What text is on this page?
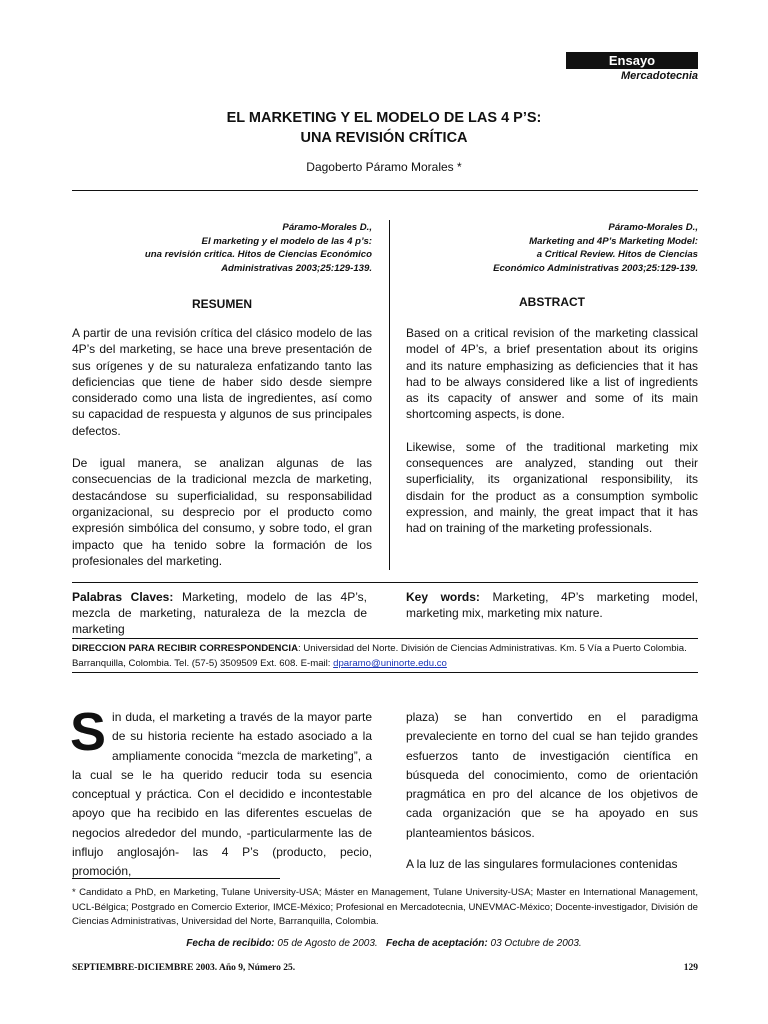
Ensayo
Mercadotecnia
EL MARKETING Y EL MODELO DE LAS 4 P’S:
UNA REVISIÓN CRÍTICA
Dagoberto Páramo Morales *
Páramo-Morales D.,
El marketing y el modelo de las 4 p’s:
una revisión critica. Hitos de Ciencias Económico
Administrativas 2003;25:129-139.
Páramo-Morales D.,
Marketing and 4P’s Marketing Model:
a Critical Review. Hitos de Ciencias
Económico Administrativas 2003;25:129-139.
RESUMEN

A partir de una revisión crítica del clásico modelo de las 4P’s del marketing, se hace una breve presentación de sus orígenes y de su naturaleza enfatizando tanto las deficiencias que tiene de haber sido desde siempre considerado como una lista de ingredientes, así como su capacidad de respuesta y algunos de sus principales defectos.

De igual manera, se analizan algunas de las consecuencias de la tradicional mezcla de marketing, destacándose su superficialidad, su responsabilidad organizacional, su desprecio por el producto como expresión simbólica del consumo, y sobre todo, el gran impacto que ha tenido sobre la formación de los profesionales del marketing.

ABSTRACT

Based on a critical revision of the marketing classical model of 4P’s, a brief presentation about its origins and its nature emphasizing as deficiencies that it has had to be always considered like a list of ingredients as its capacity of answer and some of its main shortcoming aspects, is done.

Likewise, some of the traditional marketing mix consequences are analyzed, standing out their superficiality, its organizational responsibility, its disdain for the product as a consumption symbolic expression, and mainly, the great impact that it has had on training of the marketing professionals.

Palabras Claves: Marketing, modelo de las 4P’s, mezcla de marketing, naturaleza de la mezcla de marketing
Key words: Marketing, 4P’s marketing model, marketing mix, marketing mix nature.
DIRECCION PARA RECIBIR CORRESPONDENCIA: Universidad del Norte. División de Ciencias Administrativas. Km. 5 Vía a Puerto Colombia. Barranquilla, Colombia. Tel. (57-5) 3509509 Ext. 608. E-mail: dparamo@uninorte.edu.co

Sin duda, el marketing a través de la mayor parte de su historia reciente ha estado asociado a la ampliamente conocida “mezcla de marketing”, a la cual se le ha querido reducir toda su esencia conceptual y práctica. Con el decidido e incontestable apoyo que ha recibido en las diferentes escuelas de negocios alrededor del mundo, -particularmente las de influjo anglosajón- las 4 P’s (producto, pecio, promoción,

plaza) se han convertido en el paradigma prevaleciente en torno del cual se han tejido grandes esfuerzos tanto de investigación científica en búsqueda del conocimiento, como de orientación pragmática en pro del alcance de los objetivos de cada organización que se ha apoyado en sus planteamientos básicos.

A la luz de las singulares formulaciones contenidas

* Candidato a PhD, en Marketing, Tulane University-USA; Máster en Management, Tulane University-USA; Master en International Management, UCL-Bélgica; Postgrado en Comercio Exterior, IMCE-México; Profesional en Mercadotecnia, UNEVMAC-México; Docente-investigador, División de Ciencias Administrativas, Universidad del Norte, Barranquilla, Colombia.
Fecha de recibido: 05 de Agosto de 2003. Fecha de aceptación: 03 Octubre de 2003.
SEPTIEMBRE-DICIEMBRE 2003. Año 9, Número 25.	129
